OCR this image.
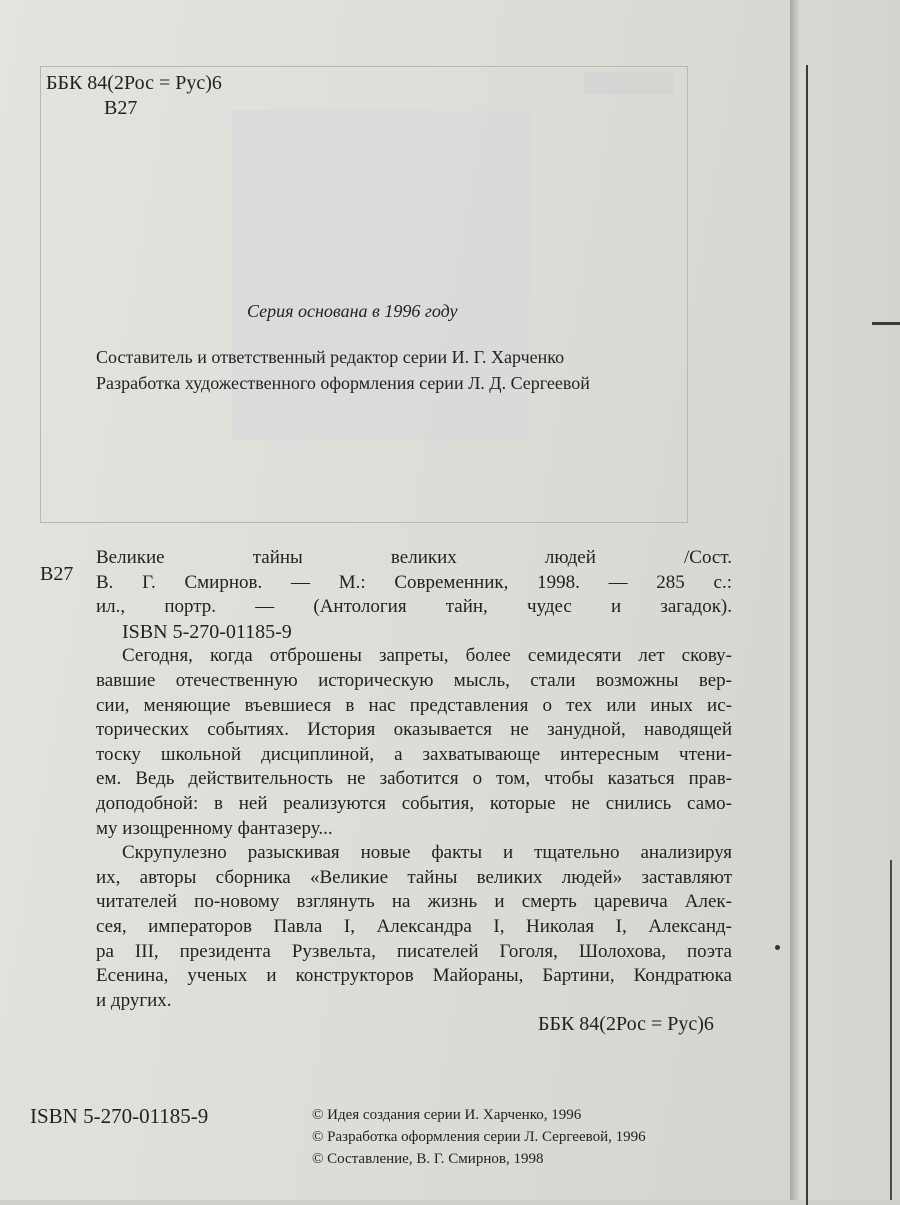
ББК 84(2Рос = Рус)6
В27
Серия основана в 1996 году
Составитель и ответственный редактор серии И. Г. Харченко
Разработка художественного оформления серии Л. Д. Сергеевой
В27
Великие тайны великих людей /Сост.
В. Г. Смирнов. — М.: Современник, 1998. — 285 с.:
ил., портр. — (Антология тайн, чудес и загадок).
ISBN 5-270-01185-9
Сегодня, когда отброшены запреты, более семидесяти лет скову-
вавшие отечественную историческую мысль, стали возможны вер-
сии, меняющие въевшиеся в нас представления о тех или иных ис-
торических событиях. История оказывается не занудной, наводящей
тоску школьной дисциплиной, а захватывающе интересным чтени-
ем. Ведь действительность не заботится о том, чтобы казаться прав-
доподобной: в ней реализуются события, которые не снились само-
му изощренному фантазеру...
Скрупулезно разыскивая новые факты и тщательно анализируя
их, авторы сборника «Великие тайны великих людей» заставляют
читателей по-новому взглянуть на жизнь и смерть царевича Алек-
сея, императоров Павла I, Александра I, Николая I, Александ-
ра III, президента Рузвельта, писателей Гоголя, Шолохова, поэта
Есенина, ученых и конструкторов Майораны, Бартини, Кондратюка
и других.
ББК 84(2Рос = Рус)6
ISBN 5-270-01185-9	© Идея создания серии И. Харченко, 1996
© Разработка оформления серии Л. Сергеевой, 1996
© Составление, В. Г. Смирнов, 1998
